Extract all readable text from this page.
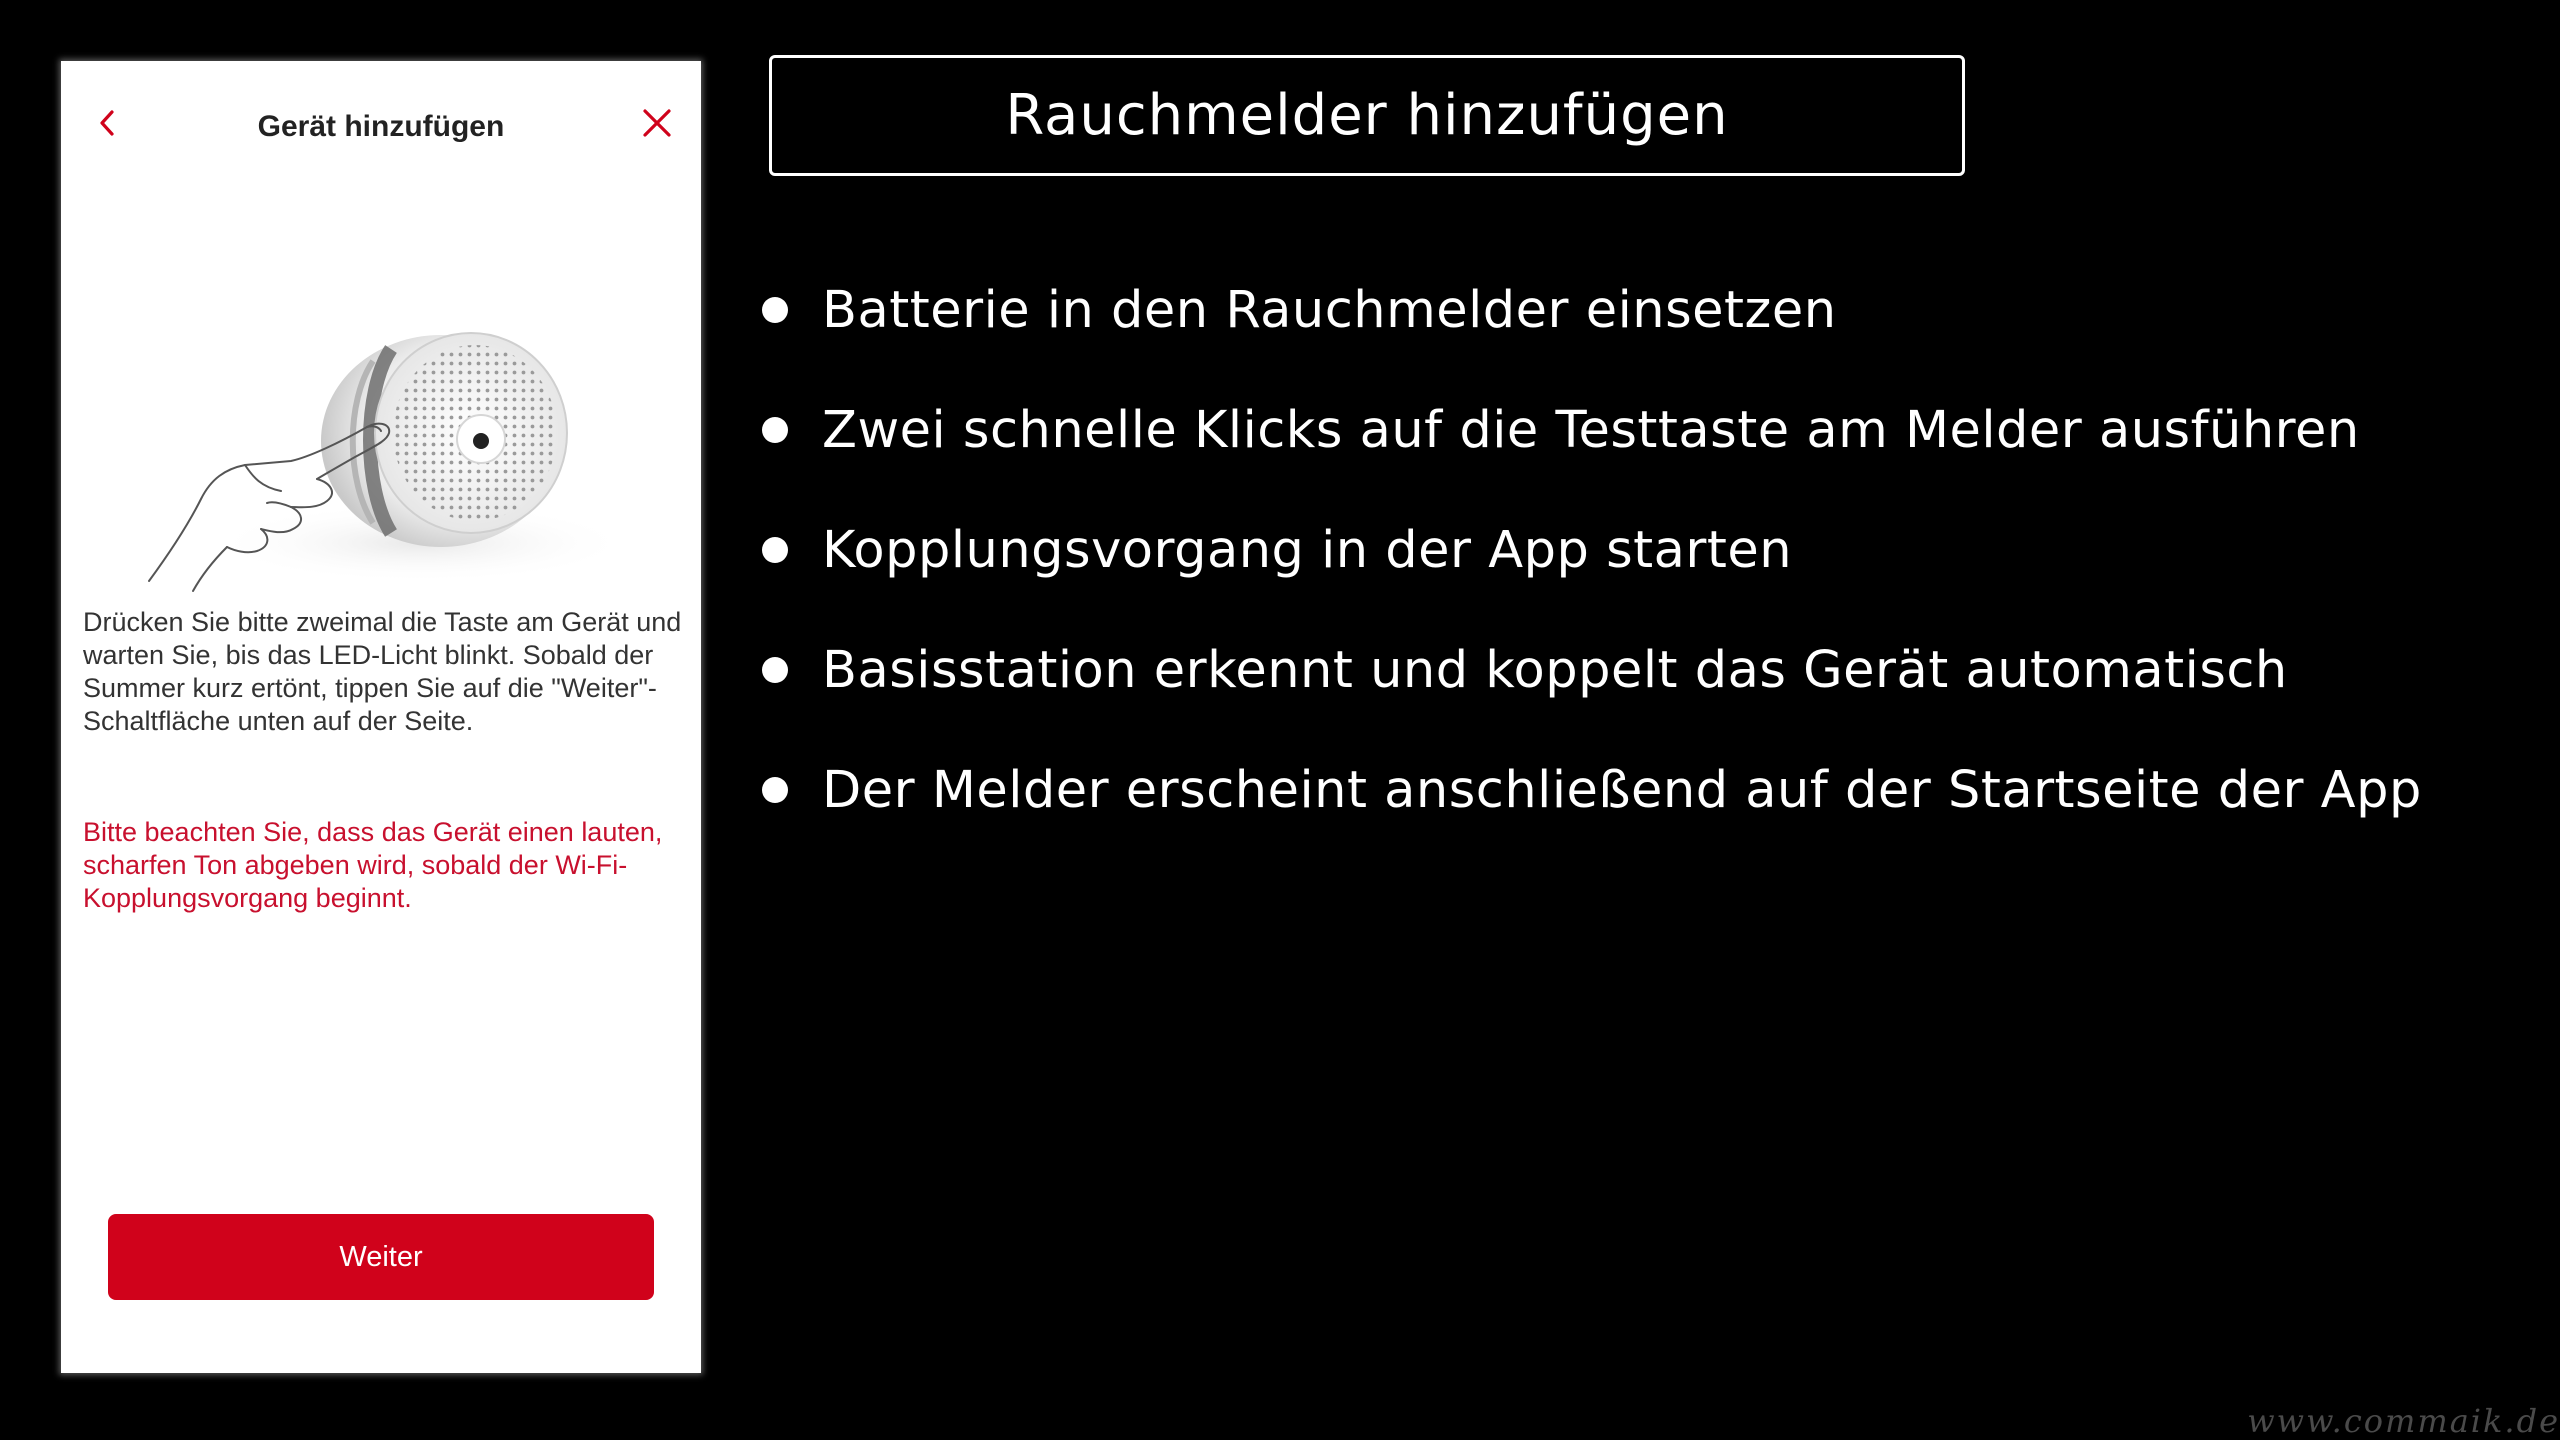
Gerät hinzufügen

Drücken Sie bitte zweimal die Taste am Gerät und warten Sie, bis das LED-Licht blinkt. Sobald der Summer kurz ertönt, tippen Sie auf die "Weiter"-Schaltfläche unten auf der Seite.

Bitte beachten Sie, dass das Gerät einen lauten, scharfen Ton abgeben wird, sobald der Wi-Fi-Kopplungsvorgang beginnt.

Weiter
Rauchmelder hinzufügen
Batterie in den Rauchmelder einsetzen
Zwei schnelle Klicks auf die Testtaste am Melder ausführen
Kopplungsvorgang in der App starten
Basisstation erkennt und koppelt das Gerät automatisch
Der Melder erscheint anschließend auf der Startseite der App
www.commaik.de
